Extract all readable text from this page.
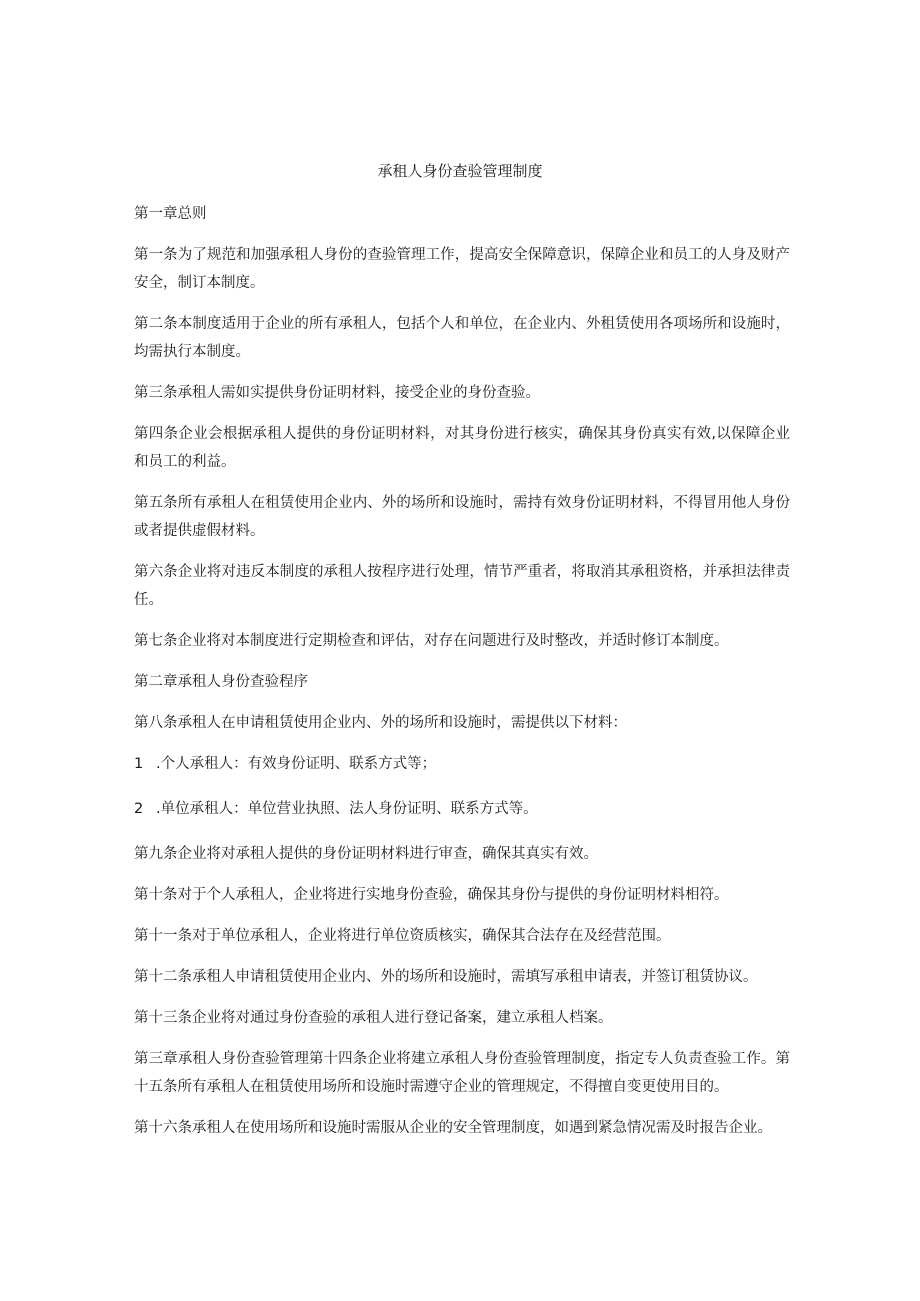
承租人身份查验管理制度

第一章总则

第一条为了规范和加强承租人身份的查验管理工作，提高安全保障意识，保障企业和员工的人身及财产安全，制订本制度。

第二条本制度适用于企业的所有承租人，包括个人和单位，在企业内、外租赁使用各项场所和设施时，均需执行本制度。

第三条承租人需如实提供身份证明材料，接受企业的身份查验。

第四条企业会根据承租人提供的身份证明材料，对其身份进行核实，确保其身份真实有效,以保障企业和员工的利益。

第五条所有承租人在租赁使用企业内、外的场所和设施时，需持有效身份证明材料，不得冒用他人身份或者提供虚假材料。

第六条企业将对违反本制度的承租人按程序进行处理，情节严重者，将取消其承租资格，并承担法律责任。

第七条企业将对本制度进行定期检查和评估，对存在问题进行及时整改，并适时修订本制度。

第二章承租人身份查验程序

第八条承租人在申请租赁使用企业内、外的场所和设施时，需提供以下材料：

1 .个人承租人：有效身份证明、联系方式等；
2 .单位承租人：单位营业执照、法人身份证明、联系方式等。

第九条企业将对承租人提供的身份证明材料进行审查，确保其真实有效。

第十条对于个人承租人，企业将进行实地身份查验，确保其身份与提供的身份证明材料相符。

第十一条对于单位承租人，企业将进行单位资质核实，确保其合法存在及经营范围。

第十二条承租人申请租赁使用企业内、外的场所和设施时，需填写承租申请表，并签订租赁协议。

第十三条企业将对通过身份查验的承租人进行登记备案，建立承租人档案。

第三章承租人身份查验管理第十四条企业将建立承租人身份查验管理制度，指定专人负责查验工作。第十五条所有承租人在租赁使用场所和设施时需遵守企业的管理规定，不得擅自变更使用目的。

第十六条承租人在使用场所和设施时需服从企业的安全管理制度，如遇到紧急情况需及时报告企业。
